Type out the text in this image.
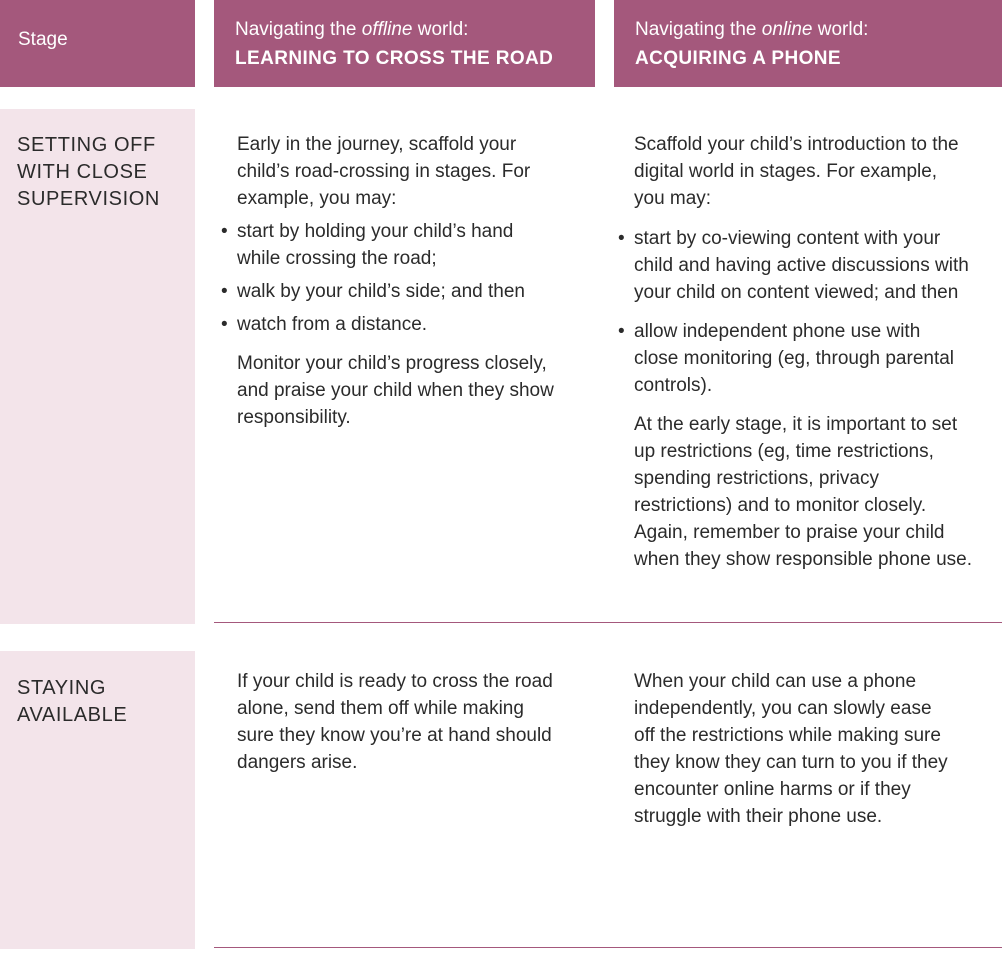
Stage	Navigating the offline world:
LEARNING TO CROSS THE ROAD
Navigating the online world:
ACQUIRING A PHONE

SETTING OFF

WITH CLOSE

SUPERVISION

Early in the journey, scaffold your

child’s road-crossing in stages. For

example, you may:

• start by holding your child’s hand

while crossing the road;

• walk by your child’s side; and then

• watch from a distance.

Monitor your child’s progress closely,

and praise your child when they show

responsibility.

Scaffold your child’s introduction to the

digital world in stages. For example,

you may:

• start by co-viewing content with your

child and having active discussions with

your child on content viewed; and then

• allow independent phone use with

close monitoring (eg, through parental

controls).

At the early stage, it is important to set

up restrictions (eg, time restrictions,

spending restrictions, privacy

restrictions) and to monitor closely.

Again, remember to praise your child

when they show responsible phone use.

STAYING

AVAILABLE

If your child is ready to cross the road

alone, send them off while making

sure they know you’re at hand should

dangers arise.

When your child can use a phone

independently, you can slowly ease

off the restrictions while making sure

they know they can turn to you if they

encounter online harms or if they

struggle with their phone use.
